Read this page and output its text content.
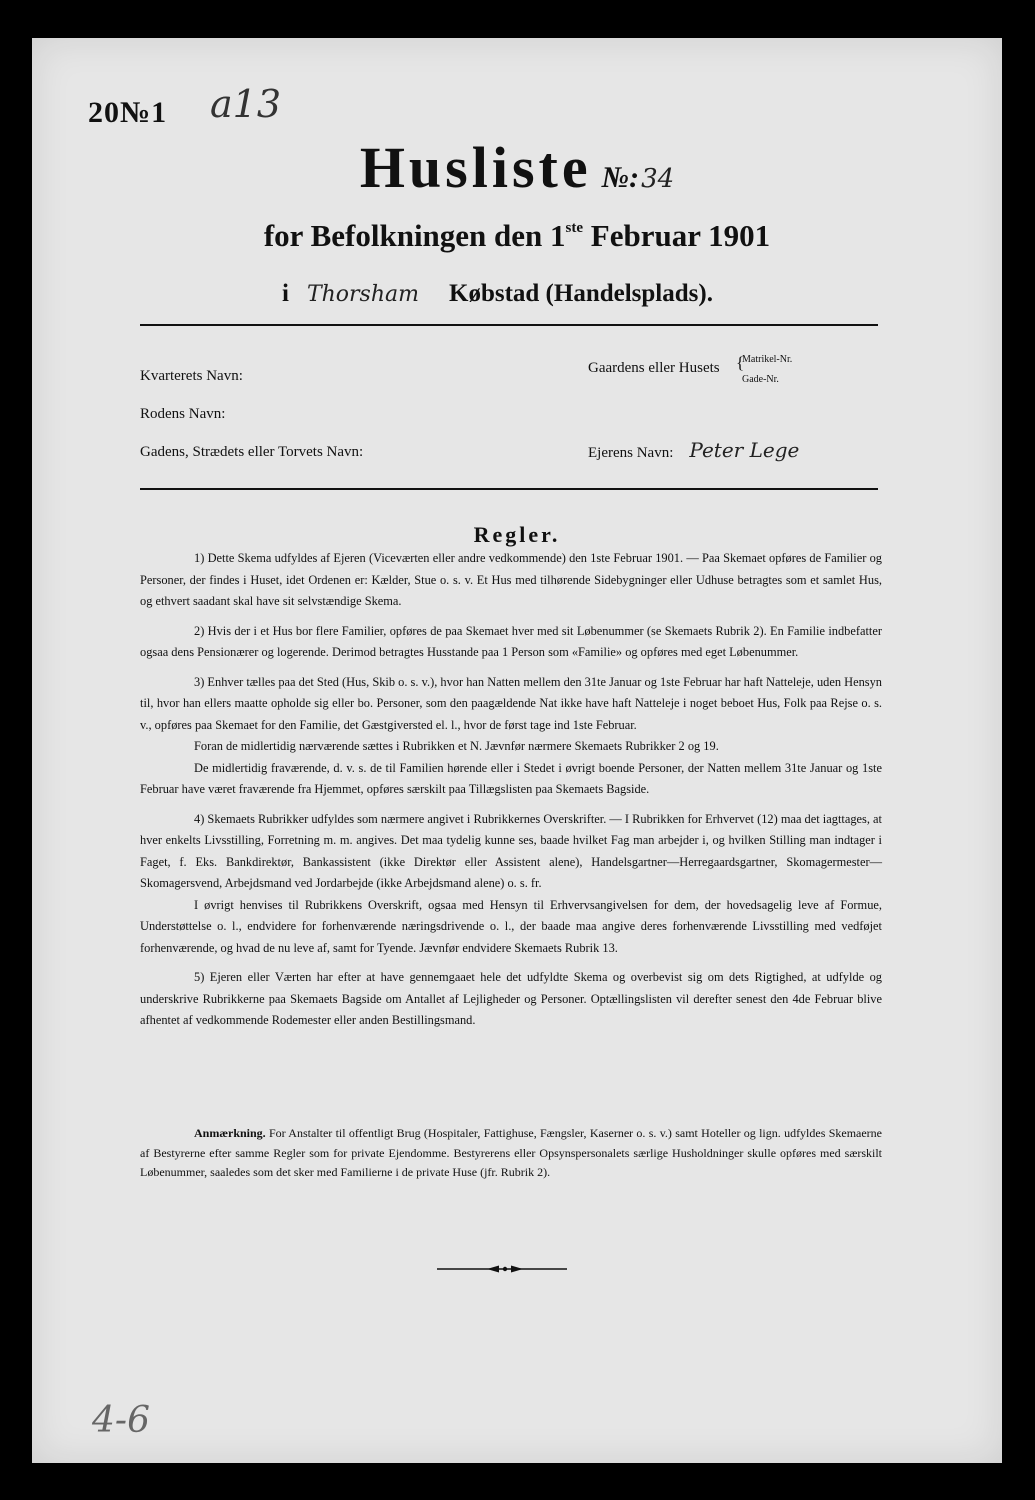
20№1 a13
Husliste №:34
for Befolkningen den 1ste Februar 1901
i Thorsham Købstad (Handelsplads).
Kvarterets Navn:	Gaardens eller Husets {
Matrikel-Nr.
Gade-Nr.
Rodens Navn:
Gadens, Strædets eller Torvets Navn:	Ejerens Navn: Peter Lege
Regler.

1) Dette Skema udfyldes af Ejeren (Viceværten eller andre vedkommende) den 1ste Februar 1901. — Paa Skemaet opføres de Familier og Personer, der findes i Huset, idet Ordenen er: Kælder, Stue o. s. v. Et Hus med tilhørende Sidebygninger eller Udhuse betragtes som et samlet Hus, og ethvert saadant skal have sit selvstændige Skema.

2) Hvis der i et Hus bor flere Familier, opføres de paa Skemaet hver med sit Løbenummer (se Skemaets Rubrik 2). En Familie indbefatter ogsaa dens Pensionærer og logerende. Derimod betragtes Husstande paa 1 Person som «Familie» og opføres med eget Løbenummer.

3) Enhver tælles paa det Sted (Hus, Skib o. s. v.), hvor han Natten mellem den 31te Januar og 1ste Februar har haft Natteleje, uden Hensyn til, hvor han ellers maatte opholde sig eller bo. Personer, som den paagældende Nat ikke have haft Natteleje i noget beboet Hus, Folk paa Rejse o. s. v., opføres paa Skemaet for den Familie, det Gæstgiversted el. l., hvor de først tage ind 1ste Februar.

Foran de midlertidig nærværende sættes i Rubrikken et N. Jævnfør nærmere Skemaets Rubrikker 2 og 19.

De midlertidig fraværende, d. v. s. de til Familien hørende eller i Stedet i øvrigt boende Personer, der Natten mellem 31te Januar og 1ste Februar have været fraværende fra Hjemmet, opføres særskilt paa Tillægslisten paa Skemaets Bagside.

4) Skemaets Rubrikker udfyldes som nærmere angivet i Rubrikkernes Overskrifter. — I Rubrikken for Erhvervet (12) maa det iagttages, at hver enkelts Livsstilling, Forretning m. m. angives. Det maa tydelig kunne ses, baade hvilket Fag man arbejder i, og hvilken Stilling man indtager i Faget, f. Eks. Bankdirektør, Bankassistent (ikke Direktør eller Assistent alene), Handelsgartner—Herregaardsgartner, Skomagermester—Skomagersvend, Arbejdsmand ved Jordarbejde (ikke Arbejdsmand alene) o. s. fr.

I øvrigt henvises til Rubrikkens Overskrift, ogsaa med Hensyn til Erhvervsangivelsen for dem, der hovedsagelig leve af Formue, Understøttelse o. l., endvidere for forhenværende næringsdrivende o. l., der baade maa angive deres forhenværende Livsstilling med vedføjet forhenværende, og hvad de nu leve af, samt for Tyende. Jævnfør endvidere Skemaets Rubrik 13.

5) Ejeren eller Værten har efter at have gennemgaaet hele det udfyldte Skema og overbevist sig om dets Rigtighed, at udfylde og underskrive Rubrikkerne paa Skemaets Bagside om Antallet af Lejligheder og Personer. Optællingslisten vil derefter senest den 4de Februar blive afhentet af vedkommende Rodemester eller anden Bestillingsmand.

Anmærkning. For Anstalter til offentligt Brug (Hospitaler, Fattighuse, Fængsler, Kaserner o. s. v.) samt Hoteller og lign. udfyldes Skemaerne af Bestyrerne efter samme Regler som for private Ejendomme. Bestyrerens eller Opsynspersonalets særlige Husholdninger skulle opføres med særskilt Løbenummer, saaledes som det sker med Familierne i de private Huse (jfr. Rubrik 2).

4-6
